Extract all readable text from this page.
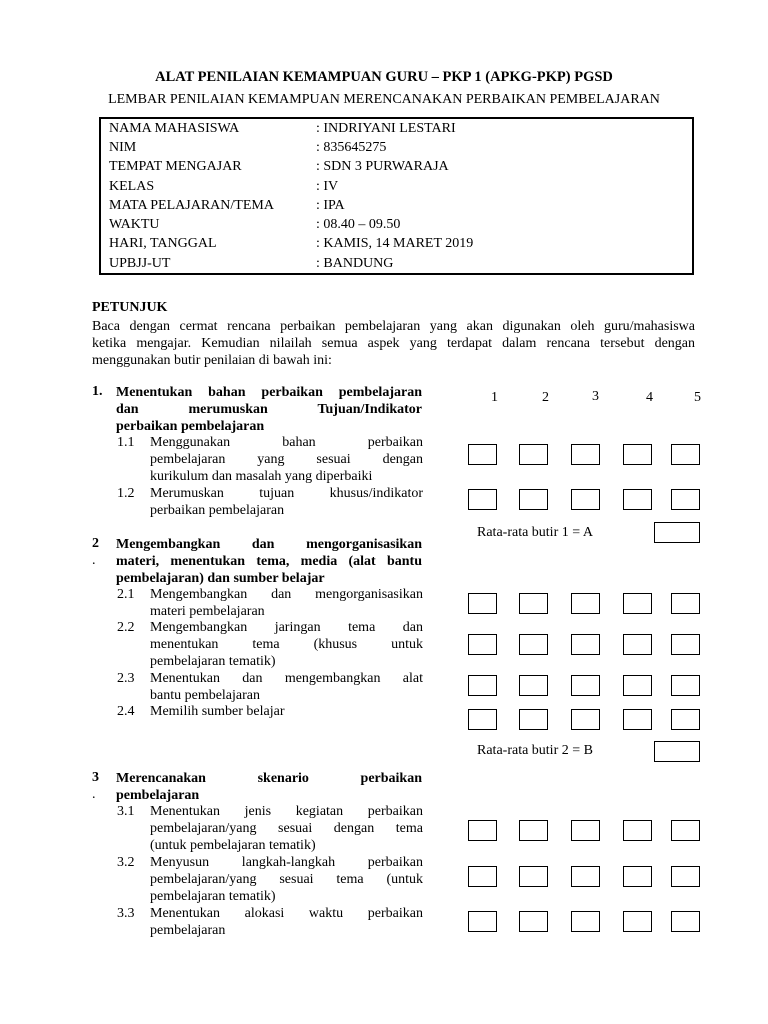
ALAT PENILAIAN KEMAMPUAN GURU – PKP 1 (APKG-PKP) PGSD
LEMBAR PENILAIAN KEMAMPUAN MERENCANAKAN PERBAIKAN PEMBELAJARAN
NAMA MAHASISWA	: INDRIYANI LESTARI
NIM	: 835645275
TEMPAT MENGAJAR	: SDN 3 PURWARAJA
KELAS	: IV
MATA PELAJARAN/TEMA	: IPA
WAKTU	: 08.40 – 09.50
HARI, TANGGAL	: KAMIS, 14 MARET 2019
UPBJJ-UT	: BANDUNG
PETUNJUK
Baca dengan cermat rencana perbaikan pembelajaran yang akan digunakan oleh guru/mahasiswa
ketika mengajar. Kemudian nilailah semua aspek yang terdapat dalam rencana tersebut dengan
menggunakan butir penilaian di bawah ini:
1	2	3	4	5
1. Menentukan bahan perbaikan pembelajaran
dan merumuskan Tujuan/Indikator
perbaikan pembelajaran
1.1 Menggunakan bahan perbaikan
pembelajaran yang sesuai dengan
kurikulum dan masalah yang diperbaiki
1.2 Merumuskan tujuan khusus/indikator
perbaikan pembelajaran
Rata-rata butir 1 = A
2
.
Mengembangkan dan mengorganisasikan
materi, menentukan tema, media (alat bantu
pembelajaran) dan sumber belajar
2.1 Mengembangkan dan mengorganisasikan
materi pembelajaran
2.2 Mengembangkan jaringan tema dan
menentukan tema (khusus untuk
pembelajaran tematik)
2.3 Menentukan dan mengembangkan alat
bantu pembelajaran
2.4 Memilih sumber belajar
Rata-rata butir 2 = B
3
.
Merencanakan skenario perbaikan
pembelajaran
3.1 Menentukan jenis kegiatan perbaikan
pembelajaran/yang sesuai dengan tema
(untuk pembelajaran tematik)
3.2 Menyusun langkah-langkah perbaikan
pembelajaran/yang sesuai tema (untuk
pembelajaran tematik)
3.3 Menentukan alokasi waktu perbaikan
pembelajaran
